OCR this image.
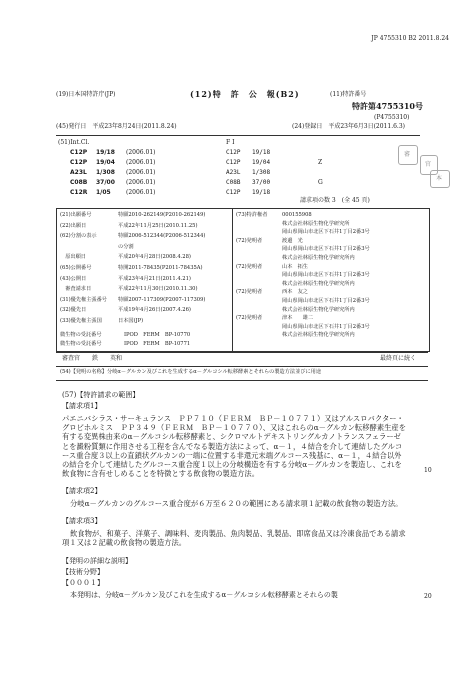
JP 4755310 B2 2011.8.24
(19)日本国特許庁(JP)	(12)特　許　公　報(B2)	(11)特許番号
特許第4755310号
(P4755310)
(45)発行日　平成23年8月24日(2011.8.24)	(24)登録日　平成23年6月3日(2011.6.3)
(51)Int.Cl.	F I
C12P 19/18 (2006.01)	C12P 19/18
C12P 19/04 (2006.01)	C12P 19/04	Z
A23L 1/308 (2006.01)	A23L 1/308
C08B 37/00 (2006.01)	C08B 37/00	G
C12R 1/05	(2006.01)	C12P 19/18
請求項の数 3　(全 45 頁)
審
官
本
(21)出願番号	特願2010-262149(P2010-262149)
(22)出願日	平成22年11月25日(2010.11.25)
(62)分割の表示	特願2006-512344(P2006-512344)
の分割
　原出願日	平成20年4月28日(2008.4.28)
(65)公開番号	特開2011-78435(P2011-78435A)
(43)公開日	平成23年4月21日(2011.4.21)
　審査請求日	平成22年11月30日(2010.11.30)
(31)優先権主張番号 特願2007-117309(P2007-117309)
(32)優先日	平成19年4月26日(2007.4.26)
(33)優先権主張国	日本国(JP)
(73)特許権者	000155908
株式会社林原生物化学研究所
岡山県岡山市北区下石井1丁目2番3号
(72)発明者	渡邊　光
岡山県岡山市北区下石井1丁目2番3号
株式会社林原生物化学研究所内
(72)発明者	山本　拓生
岡山県岡山市北区下石井1丁目2番3号
株式会社林原生物化学研究所内
(72)発明者	西本　友之
岡山県岡山市北区下石井1丁目2番3号
株式会社林原生物化学研究所内
(72)発明者	津本　　雄二
岡山県岡山市北区下石井1丁目2番3号
株式会社林原生物化学研究所内
微生物の受託番号	IPOD　FERM　BP-10770
微生物の受託番号	IPOD　FERM　BP-10771
審査官　　鉄　　英和	最終頁に続く
(54)【発明の名称】分岐α－グルカン及びこれを生成するα－グルコシル転移酵素とそれらの製造方法並びに用途
(57)【特許請求の範囲】
【請求項1】

パエニバシラス・サーキュランス　ＰＰ７１０（ＦＥＲＭ　ＢＰ－１０７７１）又はアルスロバクター・グロビホルミス　ＰＰ３４９（ＦＥＲＭ　ＢＰ－１０７７０）、又はこれらのα－グルカン転移酵素生産を有する変異株由来のα－グルコシル転移酵素と、シクロマルトデキストリングルカノトランスフェラーゼとを澱粉質類に作用させる工程を含んでなる製造方法によって、α－１，４結合を介して連結したグルコース重合度３以上の直鎖状グルカンの一端に位置する非還元末端グルコース残基に、α－１，４結合以外の結合を介して連結したグルコース重合度１以上の分岐構造を有する分岐α－グルカンを製造し、これを飲食物に含有せしめることを特徴とする飲食物の製造方法。	10
【請求項2】

分岐α－グルカンのグルコース重合度が６万至６２０の範囲にある請求項１記載の飲食物の製造方法。

【請求項3】

飲食物が、和菓子、洋菓子、調味料、麦肉製品、魚肉製品、乳製品、即席食品又は冷凍食品である請求項１又は２記載の飲食物の製造方法。

【発明の詳細な説明】
【技術分野】
【０００１】
本発明は、分岐α－グルカン及びこれを生成するα－グルコシル転移酵素とそれらの製	20
